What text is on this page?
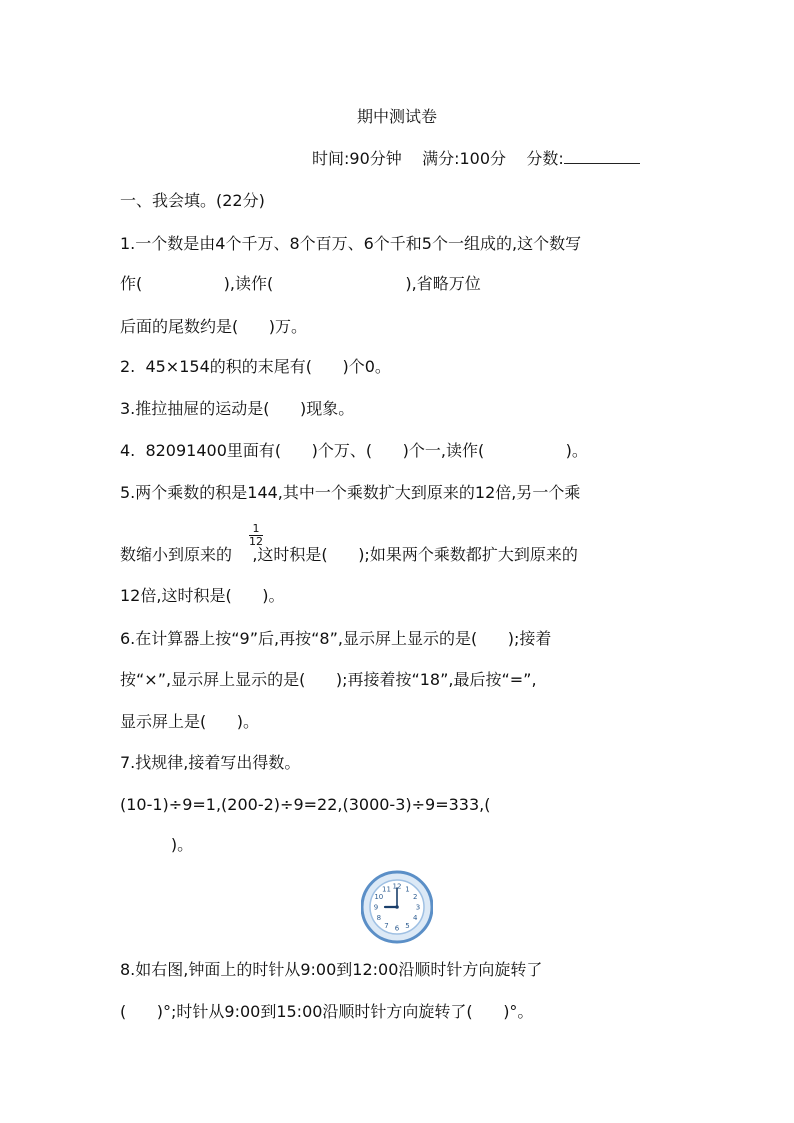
期中测试卷
时间:90分钟    满分:100分    分数:
一、我会填。(22分)
1.一个数是由4个千万、8个百万、6个千和5个一组成的,这个数写
作(                ),读作(                          ),省略万位
后面的尾数约是(      )万。
2.  45×154的积的末尾有(      )个0。
3.推拉抽屉的运动是(      )现象。
4.  82091400里面有(      )个万、(      )个一,读作(                )。
5.两个乘数的积是144,其中一个乘数扩大到原来的12倍,另一个乘
$\frac{1}{12}$
数缩小到原来的    ,这时积是(      );如果两个乘数都扩大到原来的
12倍,这时积是(      )。
6.在计算器上按“9”后,再按“8”,显示屏上显示的是(      );接着
按“×”,显示屏上显示的是(      );再接着按“18”,最后按“=”,
显示屏上是(      )。
7.找规律,接着写出得数。
(10-1)÷9=1,(200-2)÷9=22,(3000-3)÷9=333,(
)。
12 1
2
3
4
5
6
7
8
9
10
11
8.如右图,钟面上的时针从9:00到12:00沿顺时针方向旋转了
(      )°;时针从9:00到15:00沿顺时针方向旋转了(      )°。
